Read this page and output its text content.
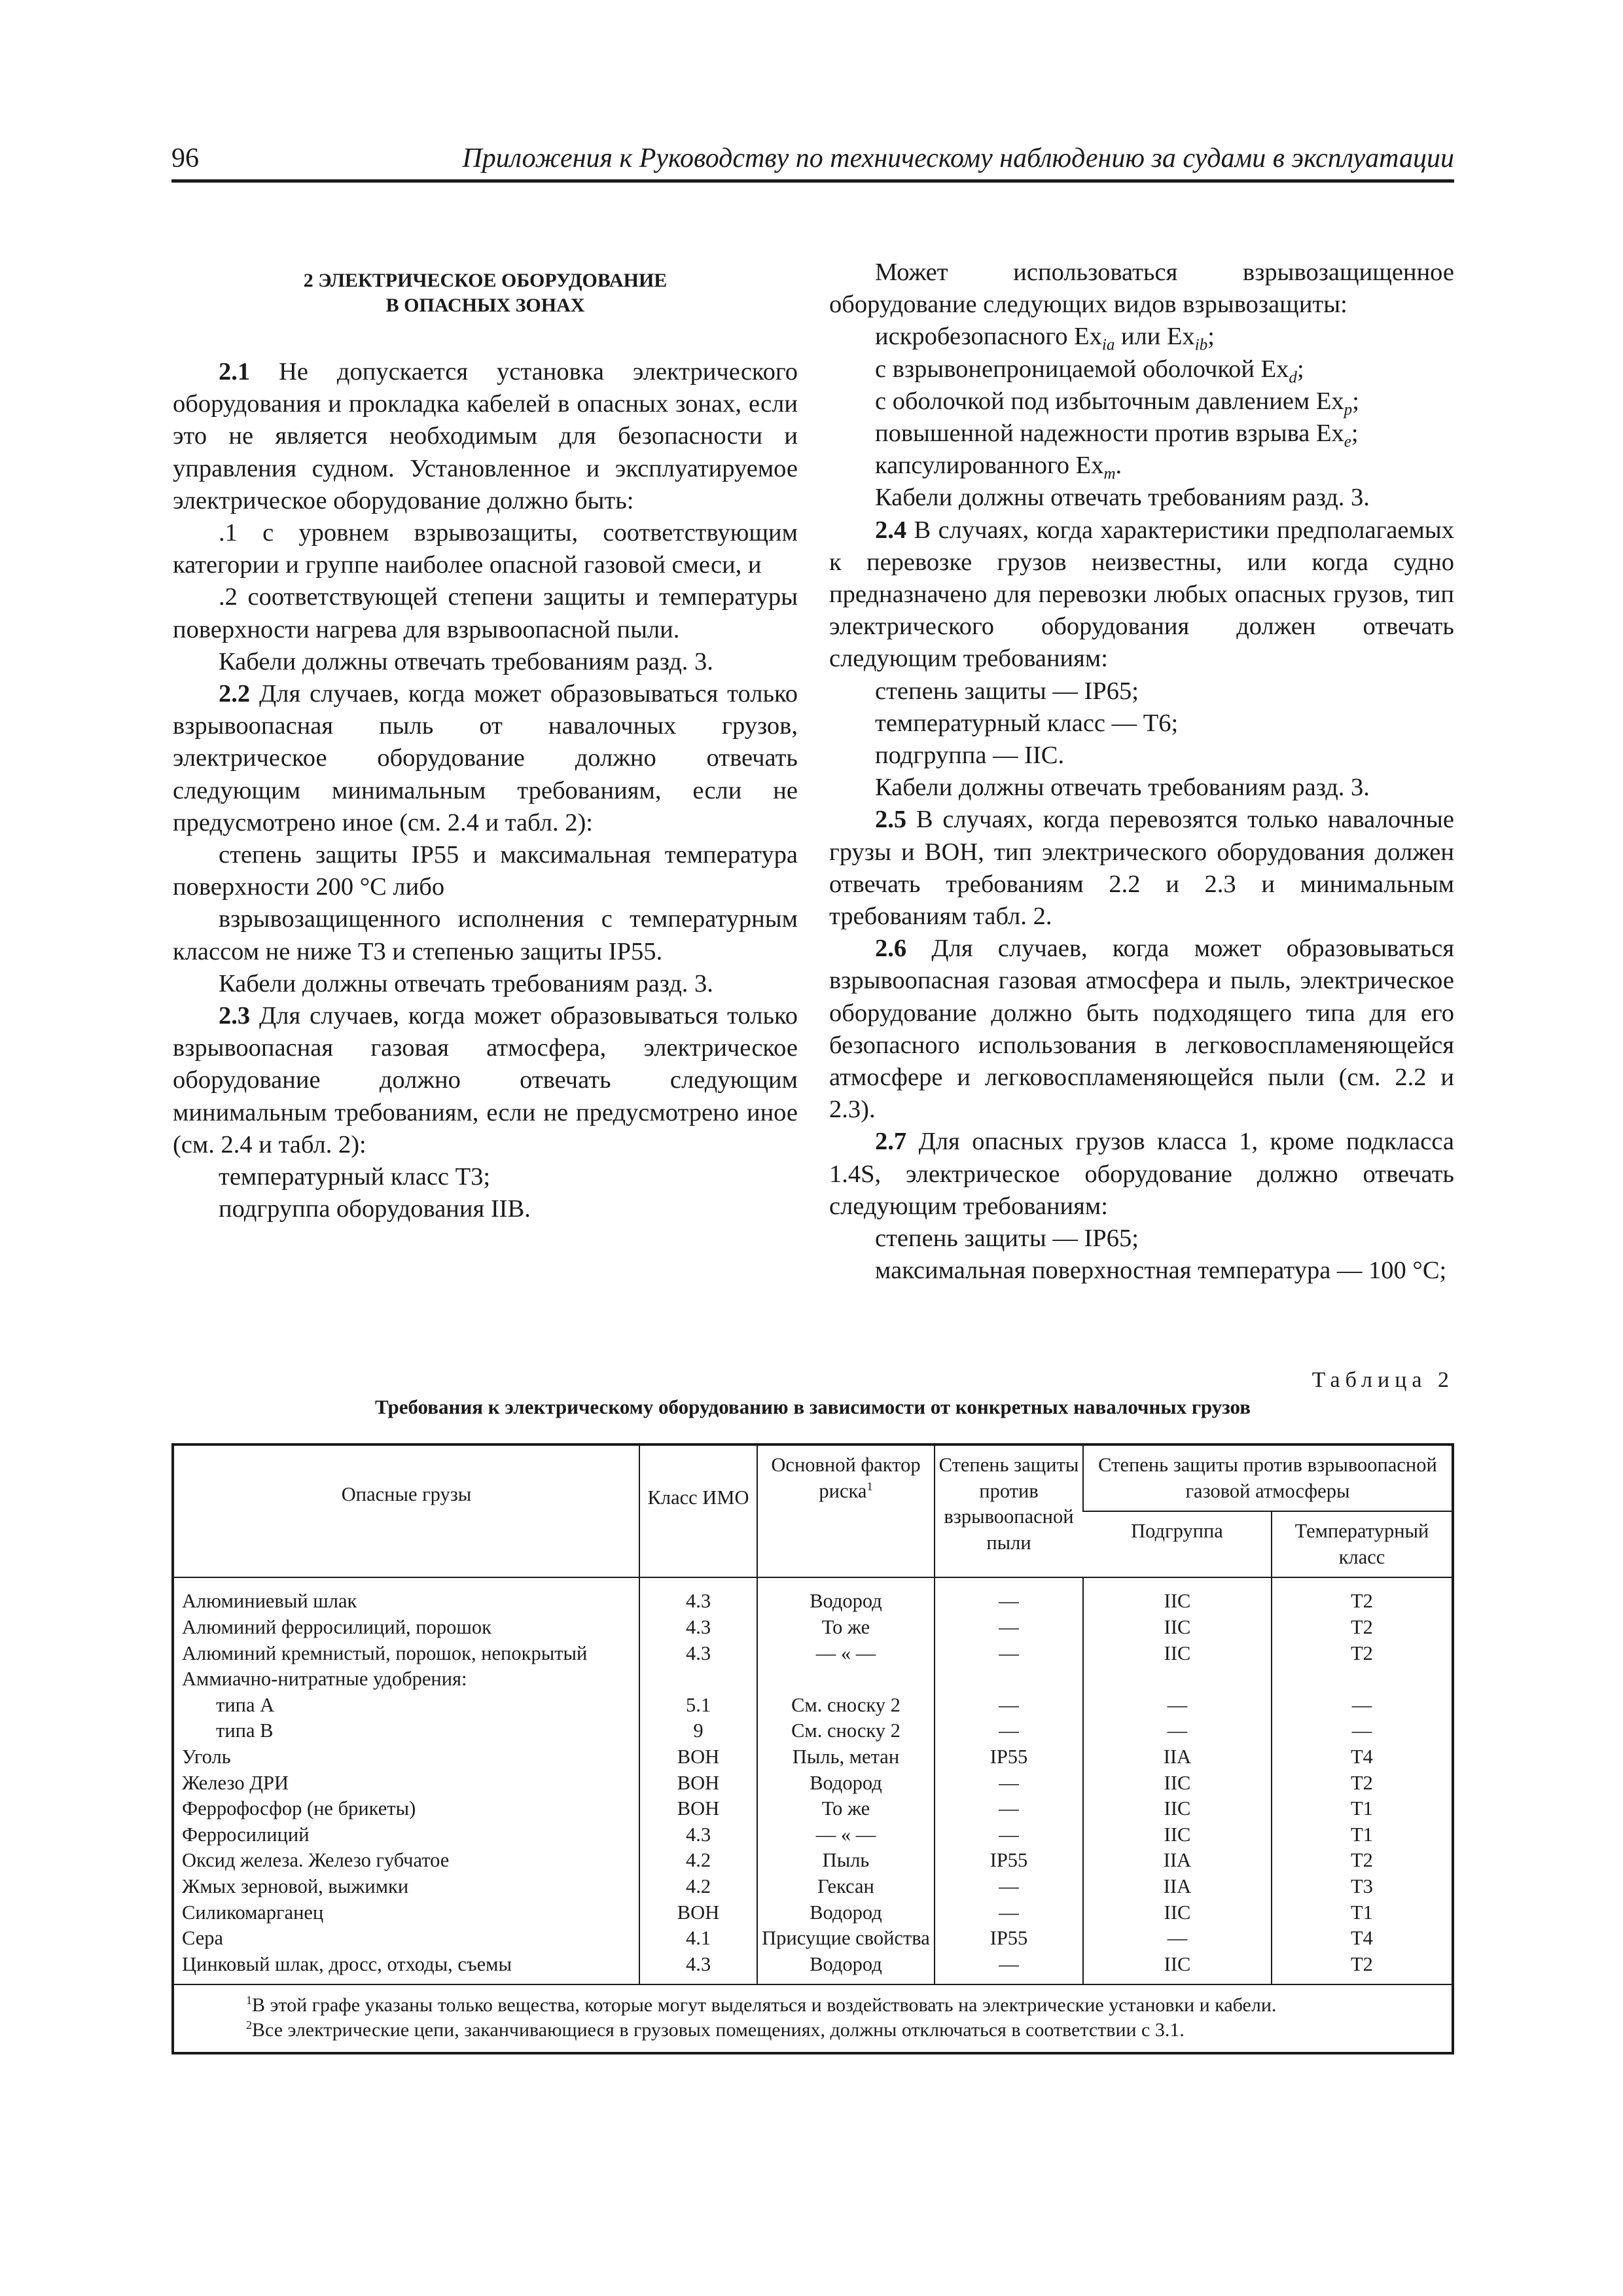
96	Приложения к Руководству по техническому наблюдению за судами в эксплуатации
2 ЭЛЕКТРИЧЕСКОЕ ОБОРУДОВАНИЕ
В ОПАСНЫХ ЗОНАХ

2.1 Не допускается установка электрического оборудования и прокладка кабелей в опасных зонах, если это не является необходимым для безопасности и управления судном. Установленное и эксплуатируемое электрическое оборудование должно быть:

.1 с уровнем взрывозащиты, соответствующим категории и группе наиболее опасной газовой смеси, и

.2 соответствующей степени защиты и температуры поверхности нагрева для взрывоопасной пыли.

Кабели должны отвечать требованиям разд. 3.

2.2 Для случаев, когда может образовываться только взрывоопасная пыль от навалочных грузов, электрическое оборудование должно отвечать следующим минимальным требованиям, если не предусмотрено иное (см. 2.4 и табл. 2):

степень защиты IP55 и максимальная температура поверхности 200 °С либо

взрывозащищенного исполнения с температурным классом не ниже Т3 и степенью защиты IP55.

Кабели должны отвечать требованиям разд. 3.

2.3 Для случаев, когда может образовываться только взрывоопасная газовая атмосфера, электрическое оборудование должно отвечать следующим минимальным требованиям, если не предусмотрено иное (см. 2.4 и табл. 2):

температурный класс Т3;

подгруппа оборудования IIB.

Может использоваться взрывозащищенное оборудование следующих видов взрывозащиты:

искробезопасного $Ex_{ia}$ или $Ex_{ib}$;

с взрывонепроницаемой оболочкой $Ex_d$;

с оболочкой под избыточным давлением $Ex_p$;

повышенной надежности против взрыва $Ex_e$;

капсулированного $Ex_m$.

Кабели должны отвечать требованиям разд. 3.

2.4 В случаях, когда характеристики предполагаемых к перевозке грузов неизвестны, или когда судно предназначено для перевозки любых опасных грузов, тип электрического оборудования должен отвечать следующим требованиям:

степень защиты — IP65;

температурный класс — Т6;

подгруппа — IIC.

Кабели должны отвечать требованиям разд. 3.

2.5 В случаях, когда перевозятся только навалочные грузы и ВОН, тип электрического оборудования должен отвечать требованиям 2.2 и 2.3 и минимальным требованиям табл. 2.

2.6 Для случаев, когда может образовываться взрывоопасная газовая атмосфера и пыль, электрическое оборудование должно быть подходящего типа для его безопасного использования в легковоспламеняющейся атмосфере и легковоспламеняющейся пыли (см. 2.2 и 2.3).

2.7 Для опасных грузов класса 1, кроме подкласса 1.4S, электрическое оборудование должно отвечать следующим требованиям:

степень защиты — IP65;

максимальная поверхностная температура — 100 °С;

Таблица 2
Требования к электрическому оборудованию в зависимости от конкретных навалочных грузов
Опасные грузы	Класс ИМО	Основной фактор риска$^1$	Степень защиты против взрывоопасной пыли	Степень защиты против взрывоопасной газовой атмосферы	
				Подгруппа	Температурный класс
Алюминиевый шлак	4.3	Водород	—	IIC	Т2
Алюминий ферросилиций, порошок	4.3	То же	—	IIC	Т2
Алюминий кремнистый, порошок, непокрытый	4.3	— « —	—	IIC	Т2
Аммиачно-нитратные удобрения:					
типа А	5.1	См. сноску 2	—	—	—
типа В	9	См. сноску 2	—	—	—
Уголь	ВОН	Пыль, метан	IP55	IIA	Т4
Железо ДРИ	ВОН	Водород	—	IIC	Т2
Феррофосфор (не брикеты)	ВОН	То же	—	IIC	Т1
Ферросилиций	4.3	— « —	—	IIC	Т1
Оксид железа. Железо губчатое	4.2	Пыль	IP55	IIA	Т2
Жмых зерновой, выжимки	4.2	Гексан	—	IIA	Т3
Силикомарганец	ВОН	Водород	—	IIC	Т1
Сера	4.1	Присущие свойства	IP55	—	Т4
Цинковый шлак, дросс, отходы, съемы	4.3	Водород	—	IIC	Т2
$^1$В этой графе указаны только вещества, которые могут выделяться и воздействовать на электрические установки и кабели.
$^2$Все электрические цепи, заканчивающиеся в грузовых помещениях, должны отключаться в соответствии с 3.1.
